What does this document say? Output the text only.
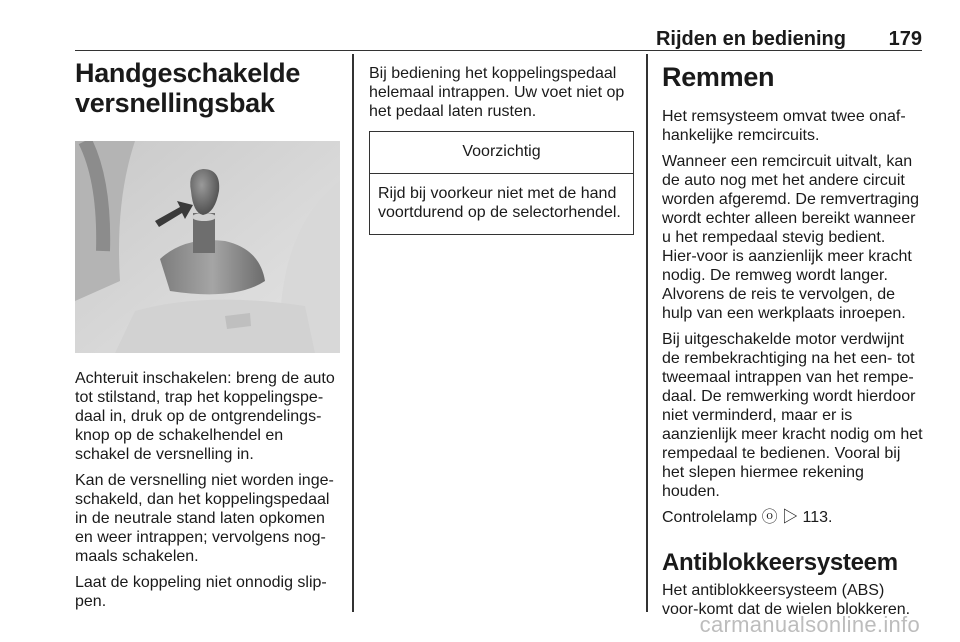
Rijden en bediening 179
Handgeschakelde
versnellingsbak

Achteruit inschakelen: breng de auto tot stilstand, trap het koppelingspe-daal in, druk op de ontgrendelings-knop op de schakelhendel en schakel de versnelling in.

Kan de versnelling niet worden inge-schakeld, dan het koppelingspedaal in de neutrale stand laten opkomen en weer intrappen; vervolgens nog-maals schakelen.

Laat de koppeling niet onnodig slip-pen.

Bij bediening het koppelingspedaal helemaal intrappen. Uw voet niet op het pedaal laten rusten.

Voorzichtig
Rijd bij voorkeur niet met de hand voortdurend op de selectorhendel.
Remmen

Het remsysteem omvat twee onaf-hankelijke remcircuits.

Wanneer een remcircuit uitvalt, kan de auto nog met het andere circuit worden afgeremd. De remvertraging wordt echter alleen bereikt wanneer u het rempedaal stevig bedient. Hier-voor is aanzienlijk meer kracht nodig. De remweg wordt langer. Alvorens de reis te vervolgen, de hulp van een werkplaats inroepen.

Bij uitgeschakelde motor verdwijnt de rembekrachtiging na het een- tot tweemaal intrappen van het rempe-daal. De remwerking wordt hierdoor niet verminderd, maar er is aanzienlijk meer kracht nodig om het rempedaal te bedienen. Vooral bij het slepen hiermee rekening houden.

Controlelamp ⓞ ▷ 113.

Antiblokkeersysteem

Het antiblokkeersysteem (ABS) voor-komt dat de wielen blokkeren.

carmanualsonline.info
